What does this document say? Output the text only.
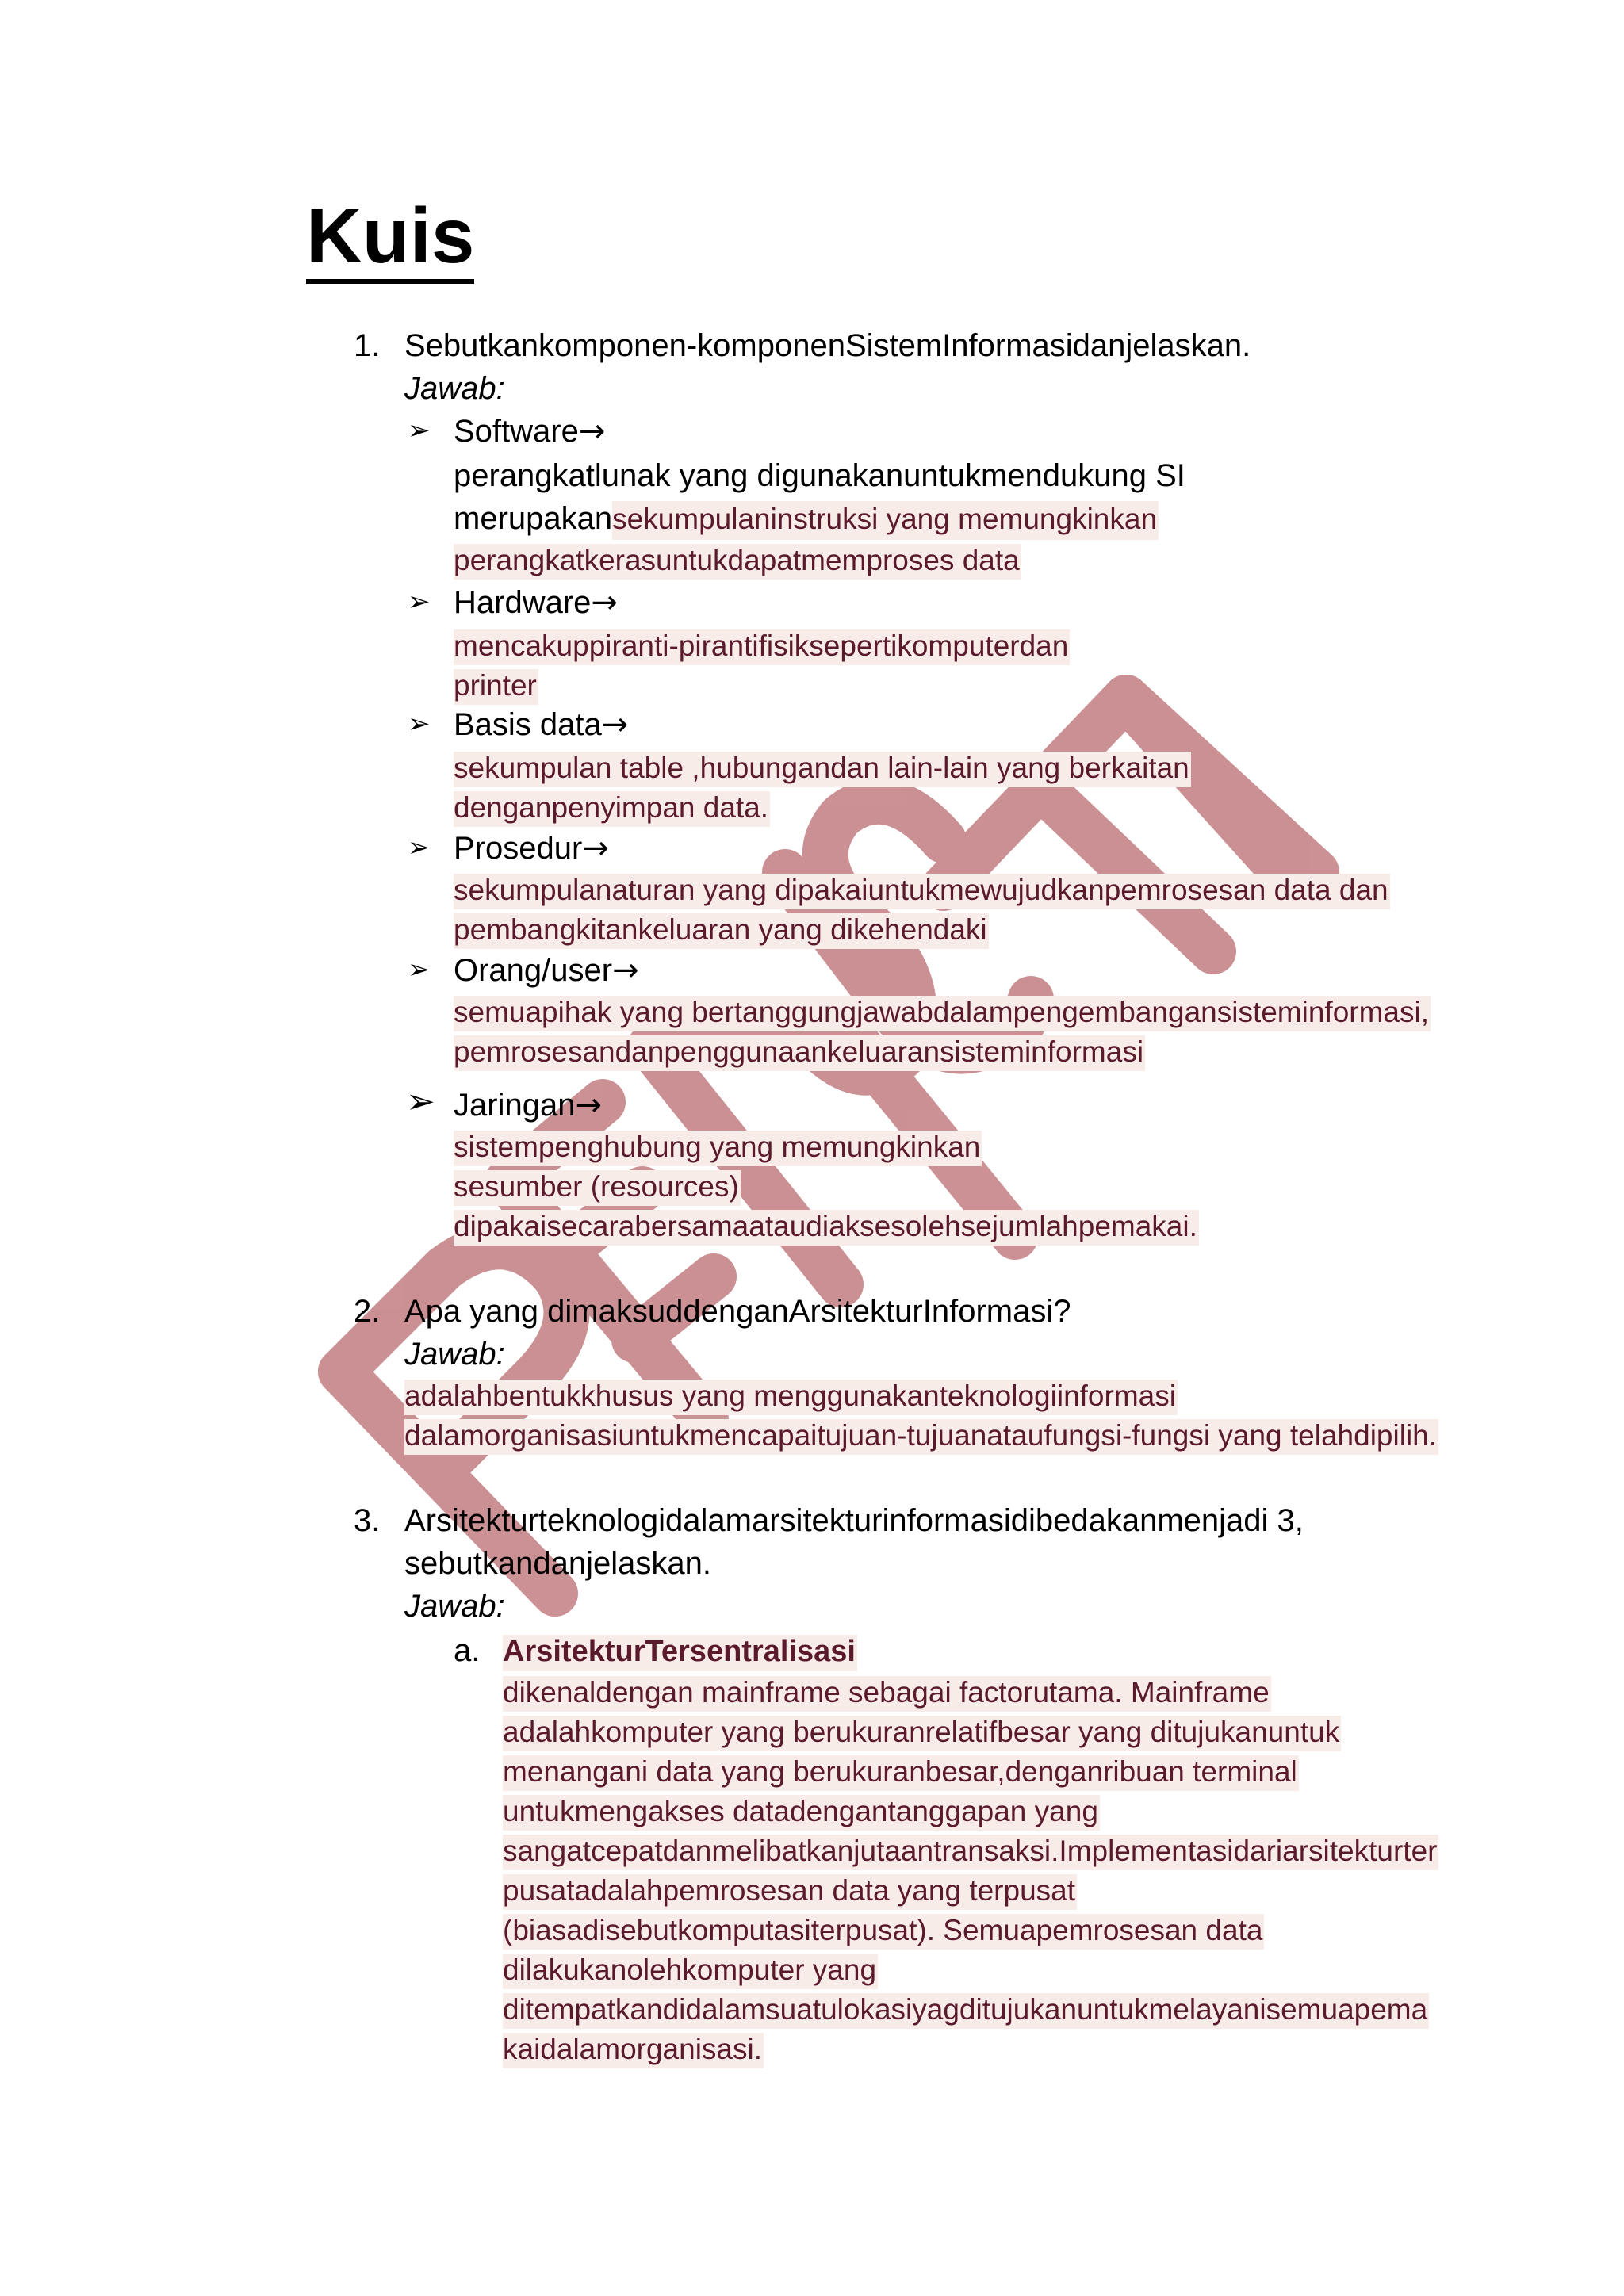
Kuis
1. Sebutkankomponen-komponenSistemInformasidanjelaskan.
Jawab:
➢ Software→
perangkatlunak yang digunakanuntukmendukung SI
merupakansekumpulaninstruksi yang memungkinkan
perangkatkerasuntukdapatmemproses data
➢ Hardware→
mencakuppiranti-pirantifisikseperti​komputerdan
printer
➢ Basis data→
sekumpulan table ,hubungandan lain-lain yang berkaitan
denganpenyimpan data.
➢ Prosedur→
sekumpulanaturan yang dipakaiuntukmewujudkanpemrosesan data dan
pembangkitankeluaran yang dikehendaki
➢ Orang/user→
semuapihak yang bertanggungjawabdalampengembangansisteminformasi,
pemrosesandanpenggunaankeluaransisteminformasi
➢ Jaringan→
sistempenghubung yang memungkinkan
sesumber (resources)
dipakaisecarabersamaataudiaksesolehsejumlahpemakai.
2. Apa yang dimaksuddenganArsitekturInformasi?
Jawab:
adalahbentukkhusus yang menggunakanteknologiinformasi
dalamorganisasiuntukmencapaitujuan-tujuanataufungsi-fungsi yang telahdipilih.
3. Arsitekturteknologidalamarsitekturinformasidibedakanmenjadi 3,
sebutkandanjelaskan.
Jawab:
a. ArsitekturTersentralisasi
dikenaldengan mainframe sebagai factorutama. Mainframe
adalahkomputer yang berukuranrelatifbesar yang ditujukanuntuk
menangani data yang berukuranbesar,denganribuan terminal
untukmengakses datadengantanggapan yang
sangatcepatdanmelibatkanjutaantransaksi.Implementasidariarsitekturter
pusatadalahpemrosesan data yang terpusat
(biasadisebutkomputasiterpusat). Semuapemrosesan data
dilakukanolehkomputer yang
ditempatkandidalamsuatulokasiyagditujukanuntukmelayanisemuapema
kaidalamorganisasi.
